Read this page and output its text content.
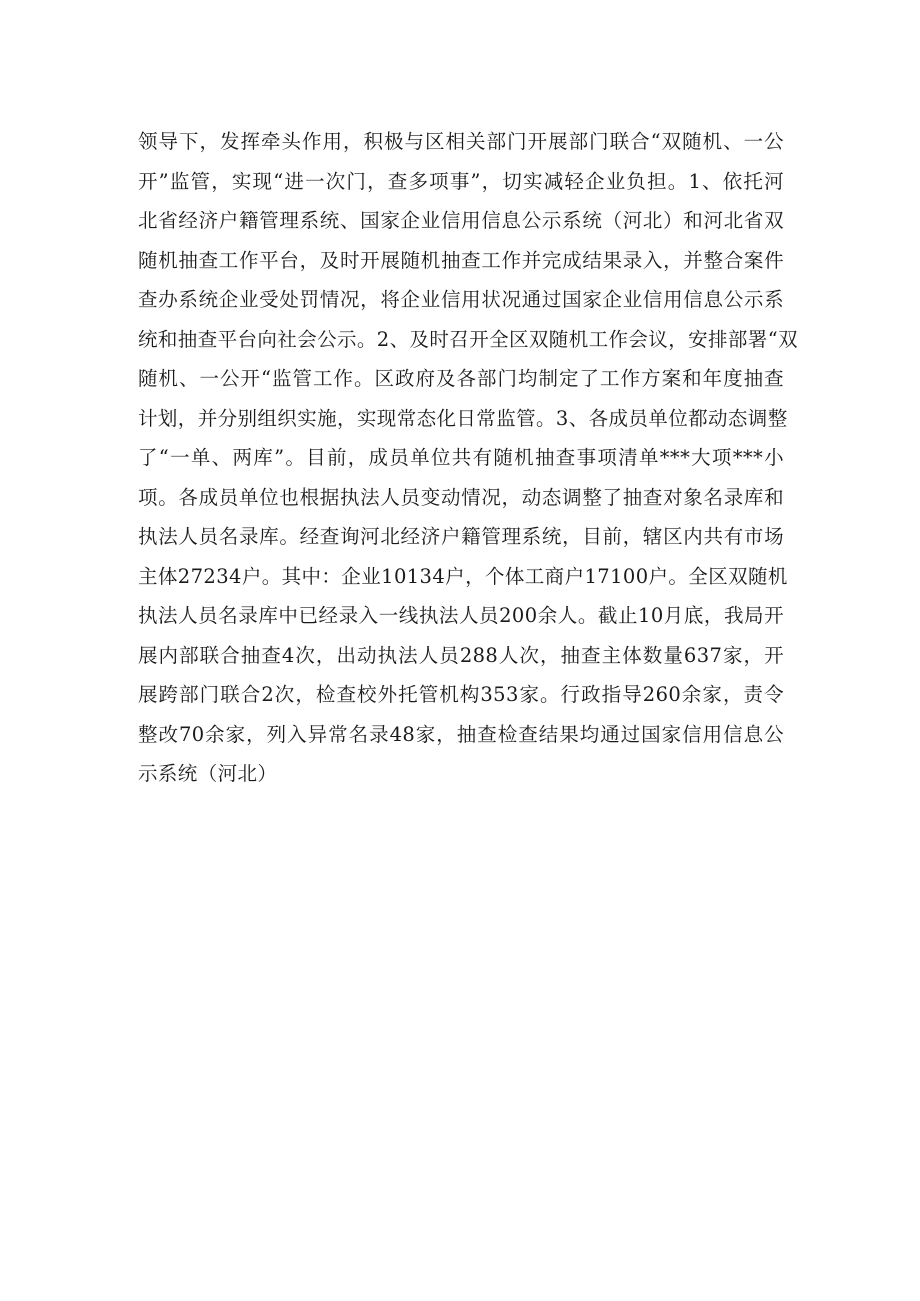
领导下，发挥牵头作用，积极与区相关部门开展部门联合“双随机、一公
开”监管，实现“进一次门，查多项事”，切实减轻企业负担。1、依托河
北省经济户籍管理系统、国家企业信用信息公示系统（河北）和河北省双
随机抽查工作平台，及时开展随机抽查工作并完成结果录入，并整合案件
查办系统企业受处罚情况，将企业信用状况通过国家企业信用信息公示系
统和抽查平台向社会公示。2、及时召开全区双随机工作会议，安排部署“双
随机、一公开“监管工作。区政府及各部门均制定了工作方案和年度抽查
计划，并分别组织实施，实现常态化日常监管。3、各成员单位都动态调整
了“一单、两库”。目前，成员单位共有随机抽查事项清单***大项***小
项。各成员单位也根据执法人员变动情况，动态调整了抽查对象名录库和
执法人员名录库。经查询河北经济户籍管理系统，目前，辖区内共有市场
主体27234户。其中：企业10134户，个体工商户17100户。全区双随机
执法人员名录库中已经录入一线执法人员200余人。截止10月底，我局开
展内部联合抽查4次，出动执法人员288人次，抽查主体数量637家，开
展跨部门联合2次，检查校外托管机构353家。行政指导260余家，责令
整改70余家，列入异常名录48家，抽查检查结果均通过国家信用信息公
示系统（河北）
